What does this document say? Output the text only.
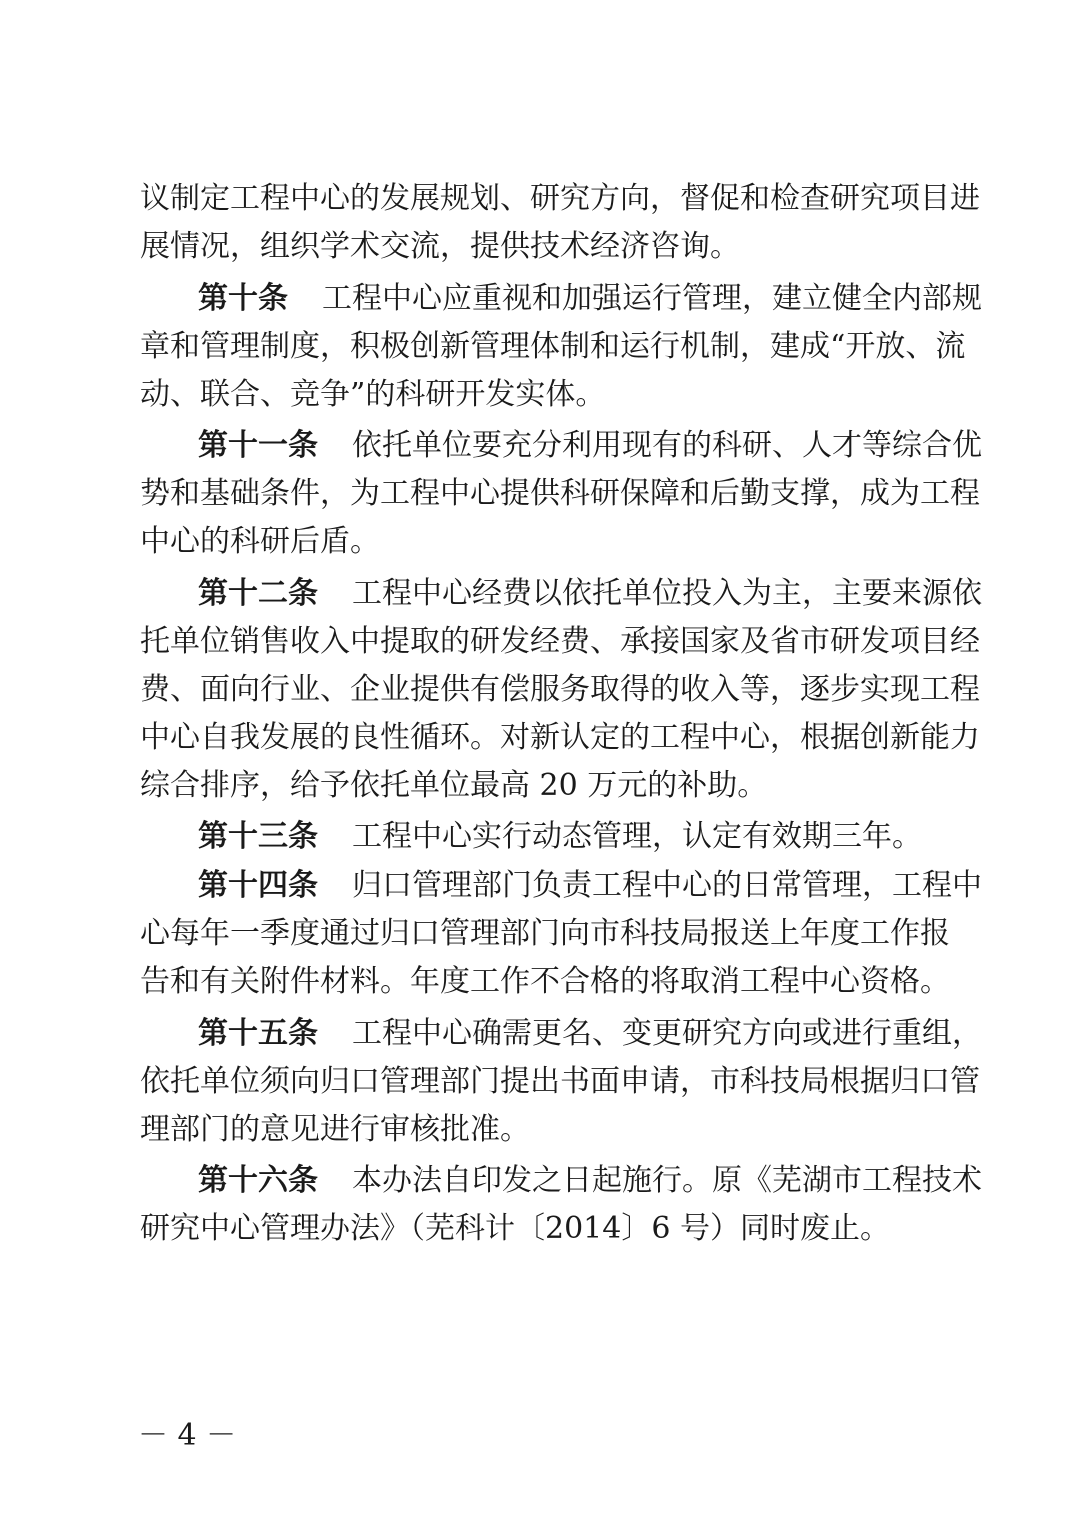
议制定工程中心的发展规划、研究方向，督促和检查研究项目进
展情况，组织学术交流，提供技术经济咨询。
第十条 工程中心应重视和加强运行管理，建立健全内部规
章和管理制度，积极创新管理体制和运行机制，建成“开放、流
动、联合、竞争”的科研开发实体。
第十一条 依托单位要充分利用现有的科研、人才等综合优
势和基础条件，为工程中心提供科研保障和后勤支撑，成为工程
中心的科研后盾。
第十二条 工程中心经费以依托单位投入为主，主要来源依
托单位销售收入中提取的研发经费、承接国家及省市研发项目经
费、面向行业、企业提供有偿服务取得的收入等，逐步实现工程
中心自我发展的良性循环。对新认定的工程中心，根据创新能力
综合排序，给予依托单位最高 20 万元的补助。
第十三条 工程中心实行动态管理，认定有效期三年。
第十四条 归口管理部门负责工程中心的日常管理，工程中
心每年一季度通过归口管理部门向市科技局报送上年度工作报
告和有关附件材料。年度工作不合格的将取消工程中心资格。
第十五条 工程中心确需更名、变更研究方向或进行重组，
依托单位须向归口管理部门提出书面申请，市科技局根据归口管
理部门的意见进行审核批准。
第十六条 本办法自印发之日起施行。原《芜湖市工程技术
研究中心管理办法》（芜科计〔2014〕6 号）同时废止。
－ 4 －
